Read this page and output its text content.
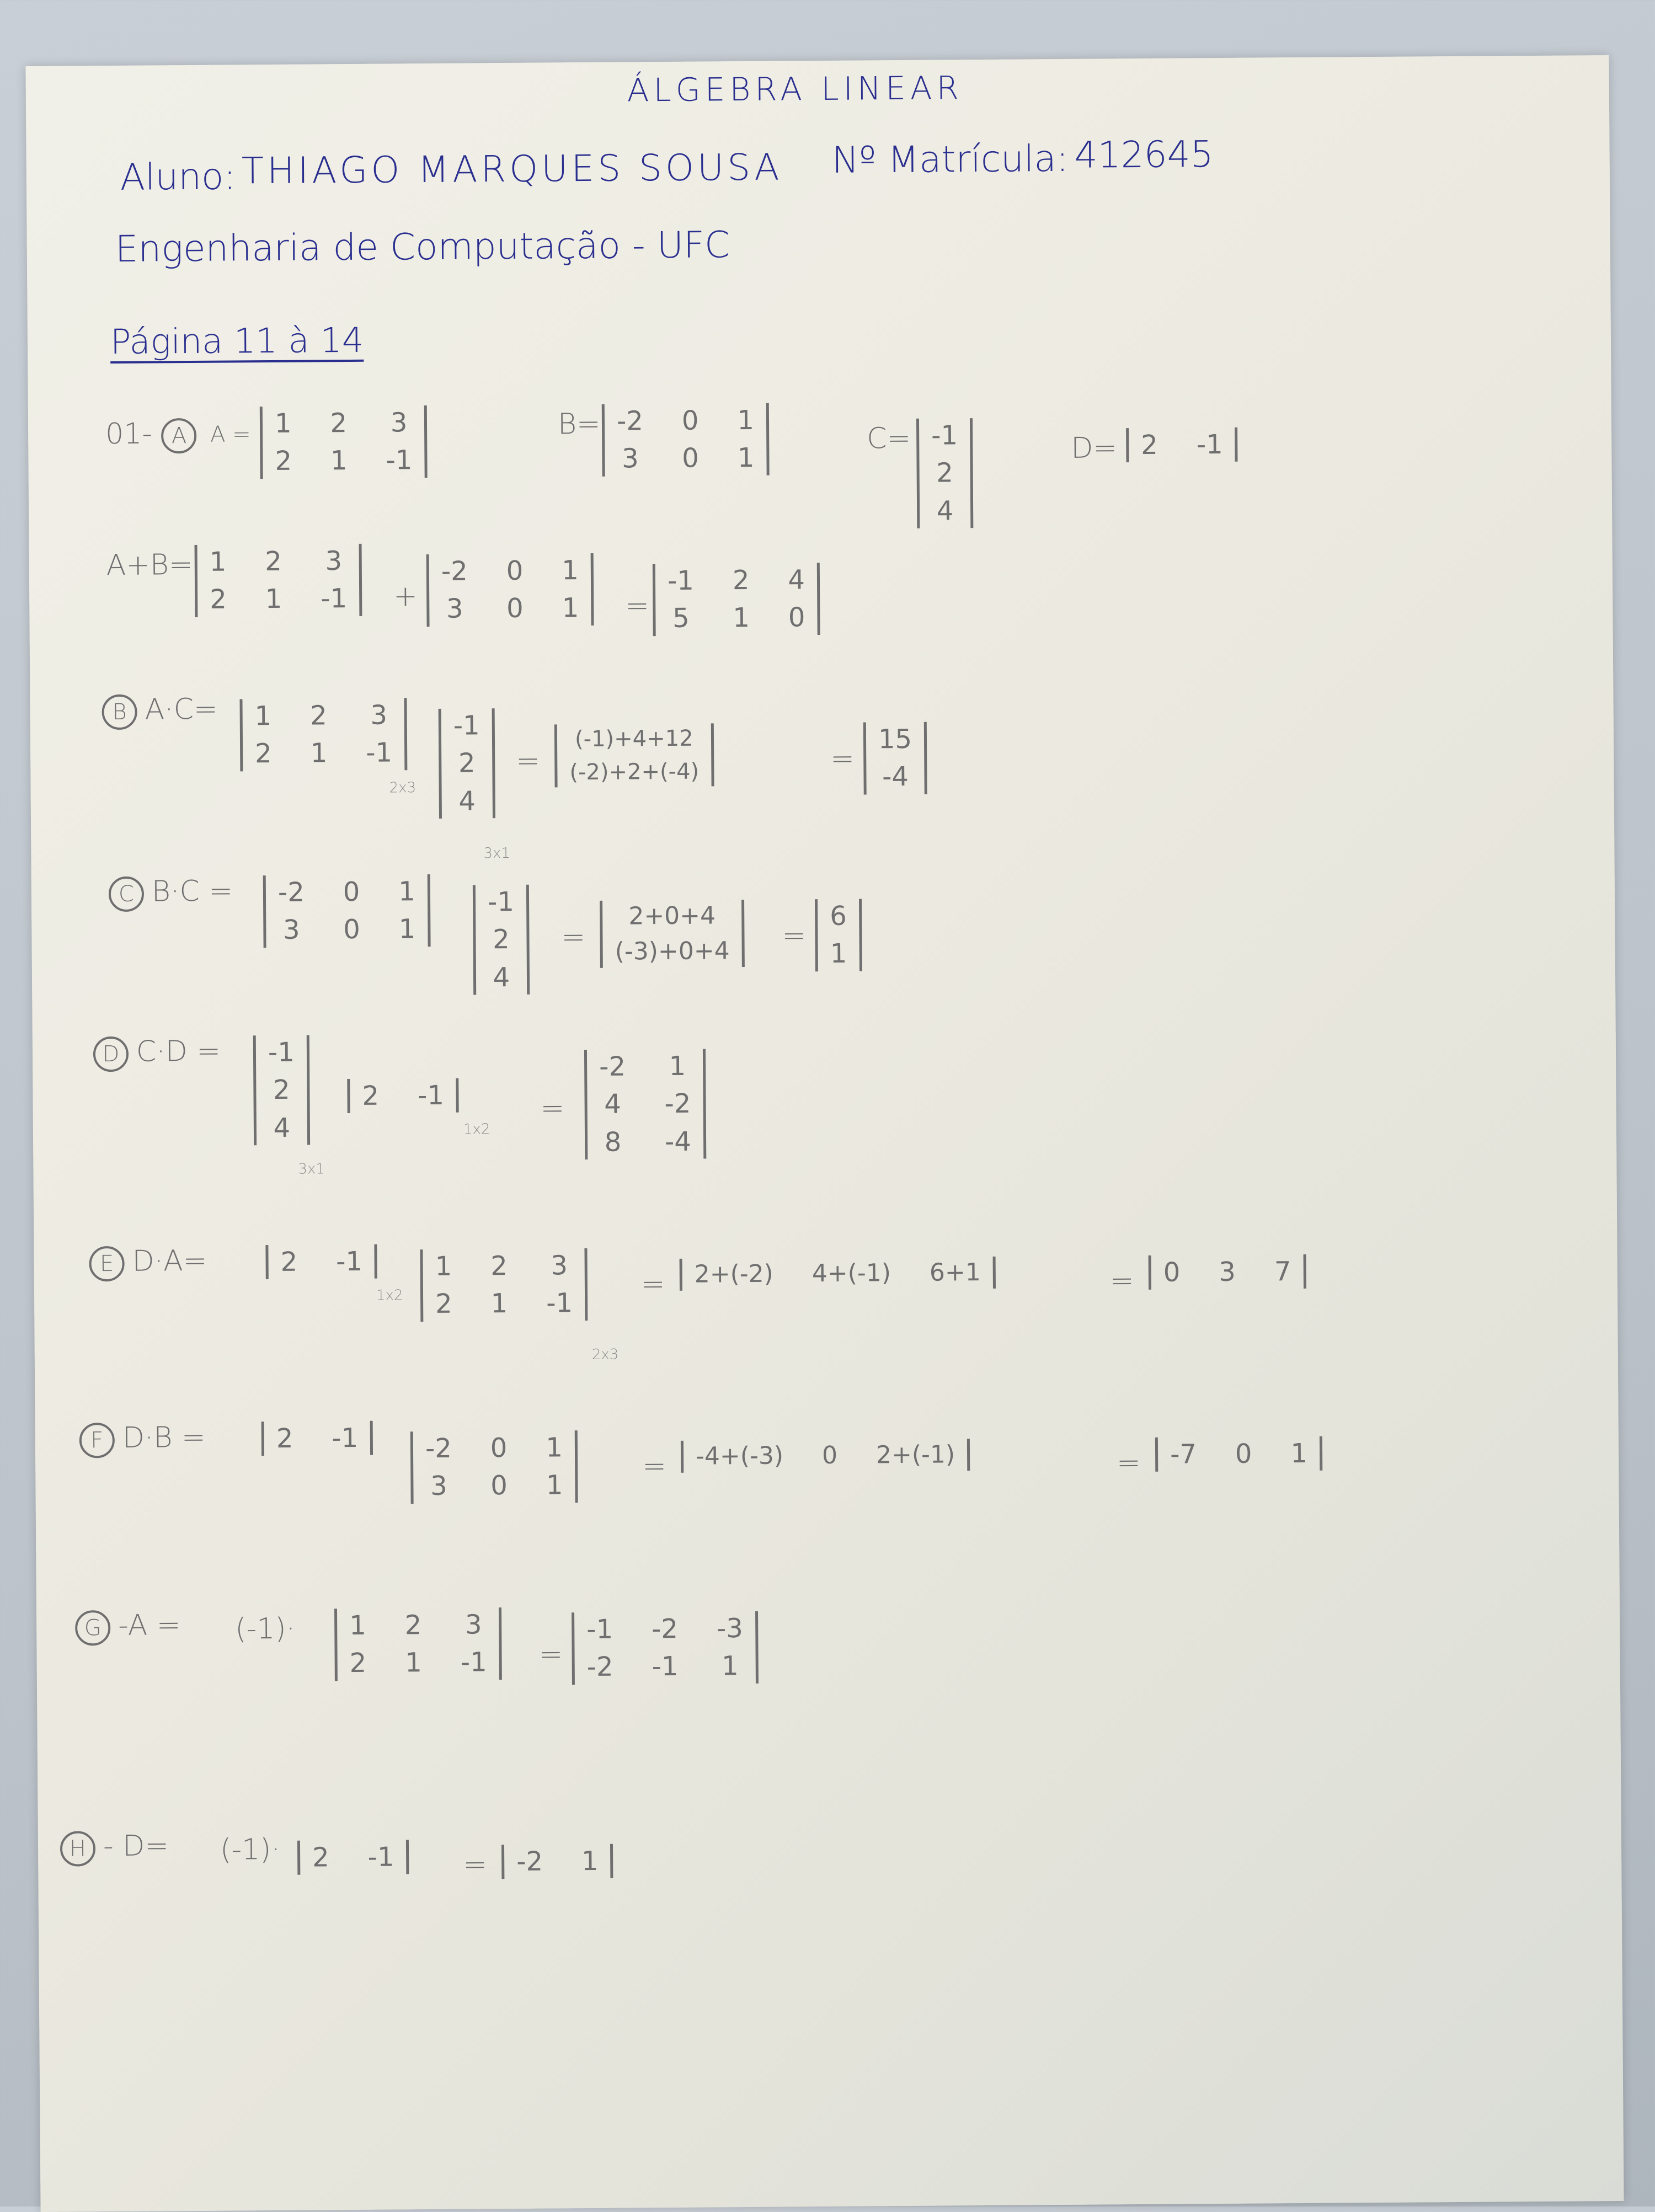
ÁLGEBRA LINEAR
Aluno: THIAGO MARQUES SOUSA Nº Matrícula: 412645
Engenharia de Computação - UFC
Página 11 à 14
01- A	A = 1 2 3
2 1 -1
B= -2 0 1
3 0 1
C= -1
2
4
D= 2 -1
A+B= 1 2 3
2 1 -1 +
-2 0 1
3 0 1 =
-1 2 4
5 1 0
B A·C= 1 2 3
2 1 -1
2x3
-1
2
4
3x1
=
(-1)+4+12
(-2)+2+(-4)	=
15
-4
C B·C = -2 0 1
3 0 1
-1
2
4
=
2+0+4
(-3)+0+4 =
6
1
D C·D = -1
2
4
3x1
2 -1
1x2
=
-2 1
4 -2
8 -4
E D·A=	2 -1
1x2
1 2 3
2 1 -1
2x3
= 2+(-2) 4+(-1) 6+1	= 0 3 7
F D·B =	2 -1	-2 0 1
3 0 1
= -4+(-3) 0 2+(-1)	= -7 0 1
G -A = (-1)· 1 2 3
2 1 -1 =
-1 -2 -3
-2 -1 1
H - D= (-1)· 2 -1 = -2 1
